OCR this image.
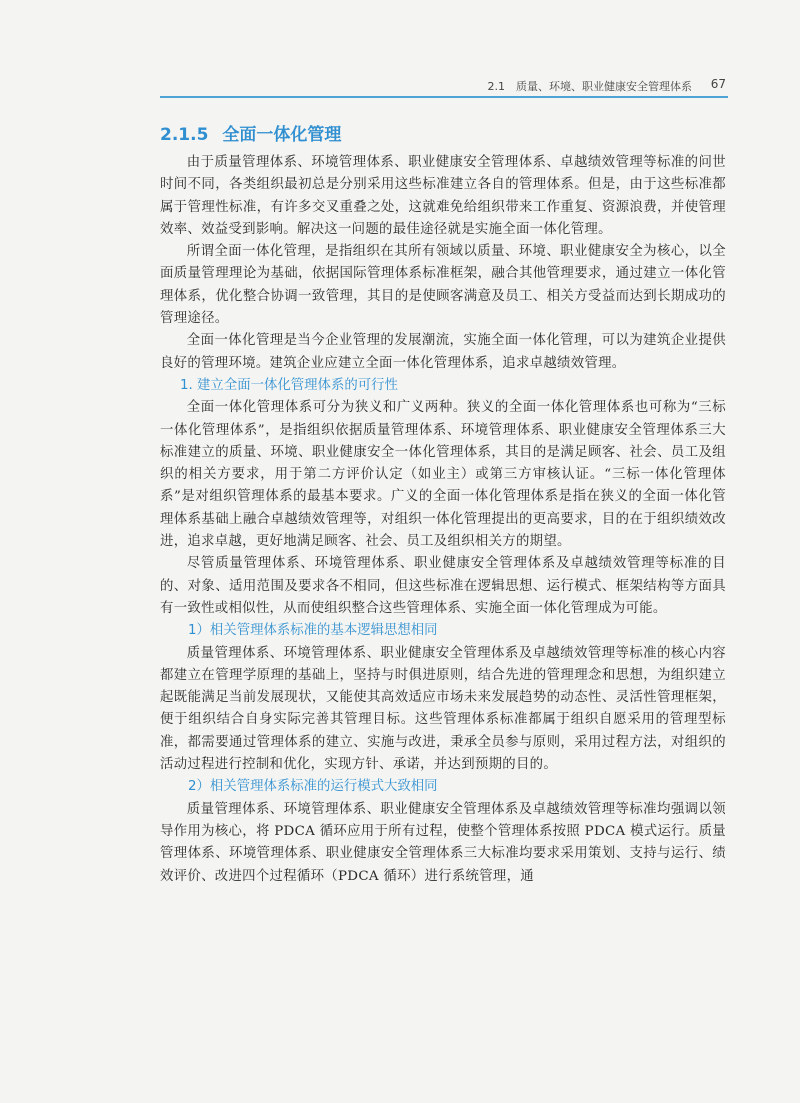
2.1　质量、环境、职业健康安全管理体系 67
2.1.5 全面一体化管理

由于质量管理体系、环境管理体系、职业健康安全管理体系、卓越绩效管理等标准的问世时间不同，各类组织最初总是分别采用这些标准建立各自的管理体系。但是，由于这些标准都属于管理性标准，有许多交叉重叠之处，这就难免给组织带来工作重复、资源浪费，并使管理效率、效益受到影响。解决这一问题的最佳途径就是实施全面一体化管理。

所谓全面一体化管理，是指组织在其所有领域以质量、环境、职业健康安全为核心，以全面质量管理理论为基础，依据国际管理体系标准框架，融合其他管理要求，通过建立一体化管理体系，优化整合协调一致管理，其目的是使顾客满意及员工、相关方受益而达到长期成功的管理途径。

全面一体化管理是当今企业管理的发展潮流，实施全面一体化管理，可以为建筑企业提供良好的管理环境。建筑企业应建立全面一体化管理体系，追求卓越绩效管理。

1. 建立全面一体化管理体系的可行性

全面一体化管理体系可分为狭义和广义两种。狭义的全面一体化管理体系也可称为“三标一体化管理体系”，是指组织依据质量管理体系、环境管理体系、职业健康安全管理体系三大标准建立的质量、环境、职业健康安全一体化管理体系，其目的是满足顾客、社会、员工及组织的相关方要求，用于第二方评价认定（如业主）或第三方审核认证。“三标一体化管理体系”是对组织管理体系的最基本要求。广义的全面一体化管理体系是指在狭义的全面一体化管理体系基础上融合卓越绩效管理等，对组织一体化管理提出的更高要求，目的在于组织绩效改进，追求卓越，更好地满足顾客、社会、员工及组织相关方的期望。

尽管质量管理体系、环境管理体系、职业健康安全管理体系及卓越绩效管理等标准的目的、对象、适用范围及要求各不相同，但这些标准在逻辑思想、运行模式、框架结构等方面具有一致性或相似性，从而使组织整合这些管理体系、实施全面一体化管理成为可能。

1）相关管理体系标准的基本逻辑思想相同

质量管理体系、环境管理体系、职业健康安全管理体系及卓越绩效管理等标准的核心内容都建立在管理学原理的基础上，坚持与时俱进原则，结合先进的管理理念和思想，为组织建立起既能满足当前发展现状，又能使其高效适应市场未来发展趋势的动态性、灵活性管理框架，便于组织结合自身实际完善其管理目标。这些管理体系标准都属于组织自愿采用的管理型标准，都需要通过管理体系的建立、实施与改进，秉承全员参与原则，采用过程方法，对组织的活动过程进行控制和优化，实现方针、承诺，并达到预期的目的。

2）相关管理体系标准的运行模式大致相同

质量管理体系、环境管理体系、职业健康安全管理体系及卓越绩效管理等标准均强调以领导作用为核心，将 PDCA 循环应用于所有过程，使整个管理体系按照 PDCA 模式运行。质量管理体系、环境管理体系、职业健康安全管理体系三大标准均要求采用策划、支持与运行、绩效评价、改进四个过程循环（PDCA 循环）进行系统管理，通
